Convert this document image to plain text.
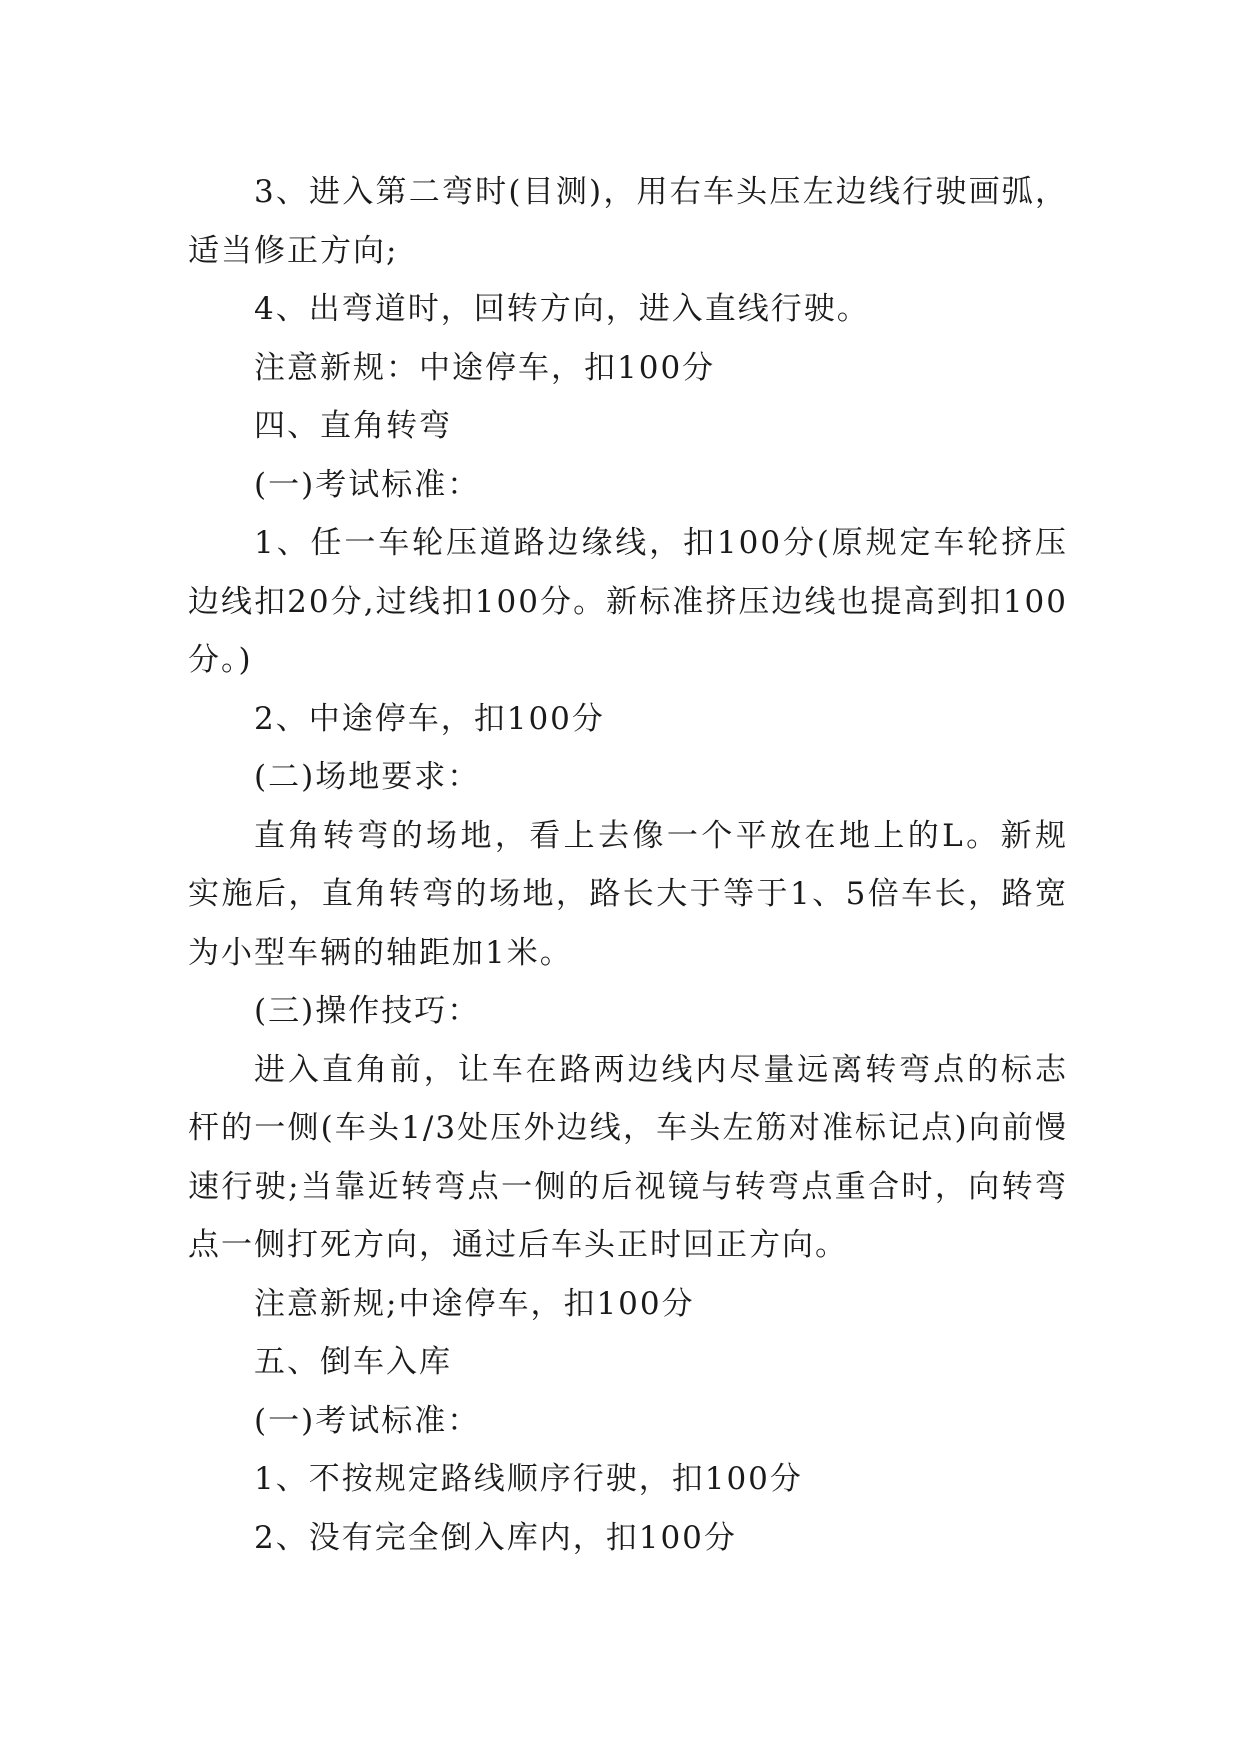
3、进入第二弯时(目测)，用右车头压左边线行驶画弧，适当修正方向;

4、出弯道时，回转方向，进入直线行驶。

注意新规：中途停车，扣100分

四、直角转弯

(一)考试标准：

1、任一车轮压道路边缘线，扣100分(原规定车轮挤压边线扣20分,过线扣100分。新标准挤压边线也提高到扣100分。)

2、中途停车，扣100分

(二)场地要求：

直角转弯的场地，看上去像一个平放在地上的L。新规实施后，直角转弯的场地，路长大于等于1、5倍车长，路宽为小型车辆的轴距加1米。

(三)操作技巧：

进入直角前，让车在路两边线内尽量远离转弯点的标志杆的一侧(车头1/3处压外边线，车头左筋对准标记点)向前慢速行驶;当靠近转弯点一侧的后视镜与转弯点重合时，向转弯点一侧打死方向，通过后车头正时回正方向。

注意新规;中途停车，扣100分

五、倒车入库

(一)考试标准：

1、不按规定路线顺序行驶，扣100分

2、没有完全倒入库内，扣100分
